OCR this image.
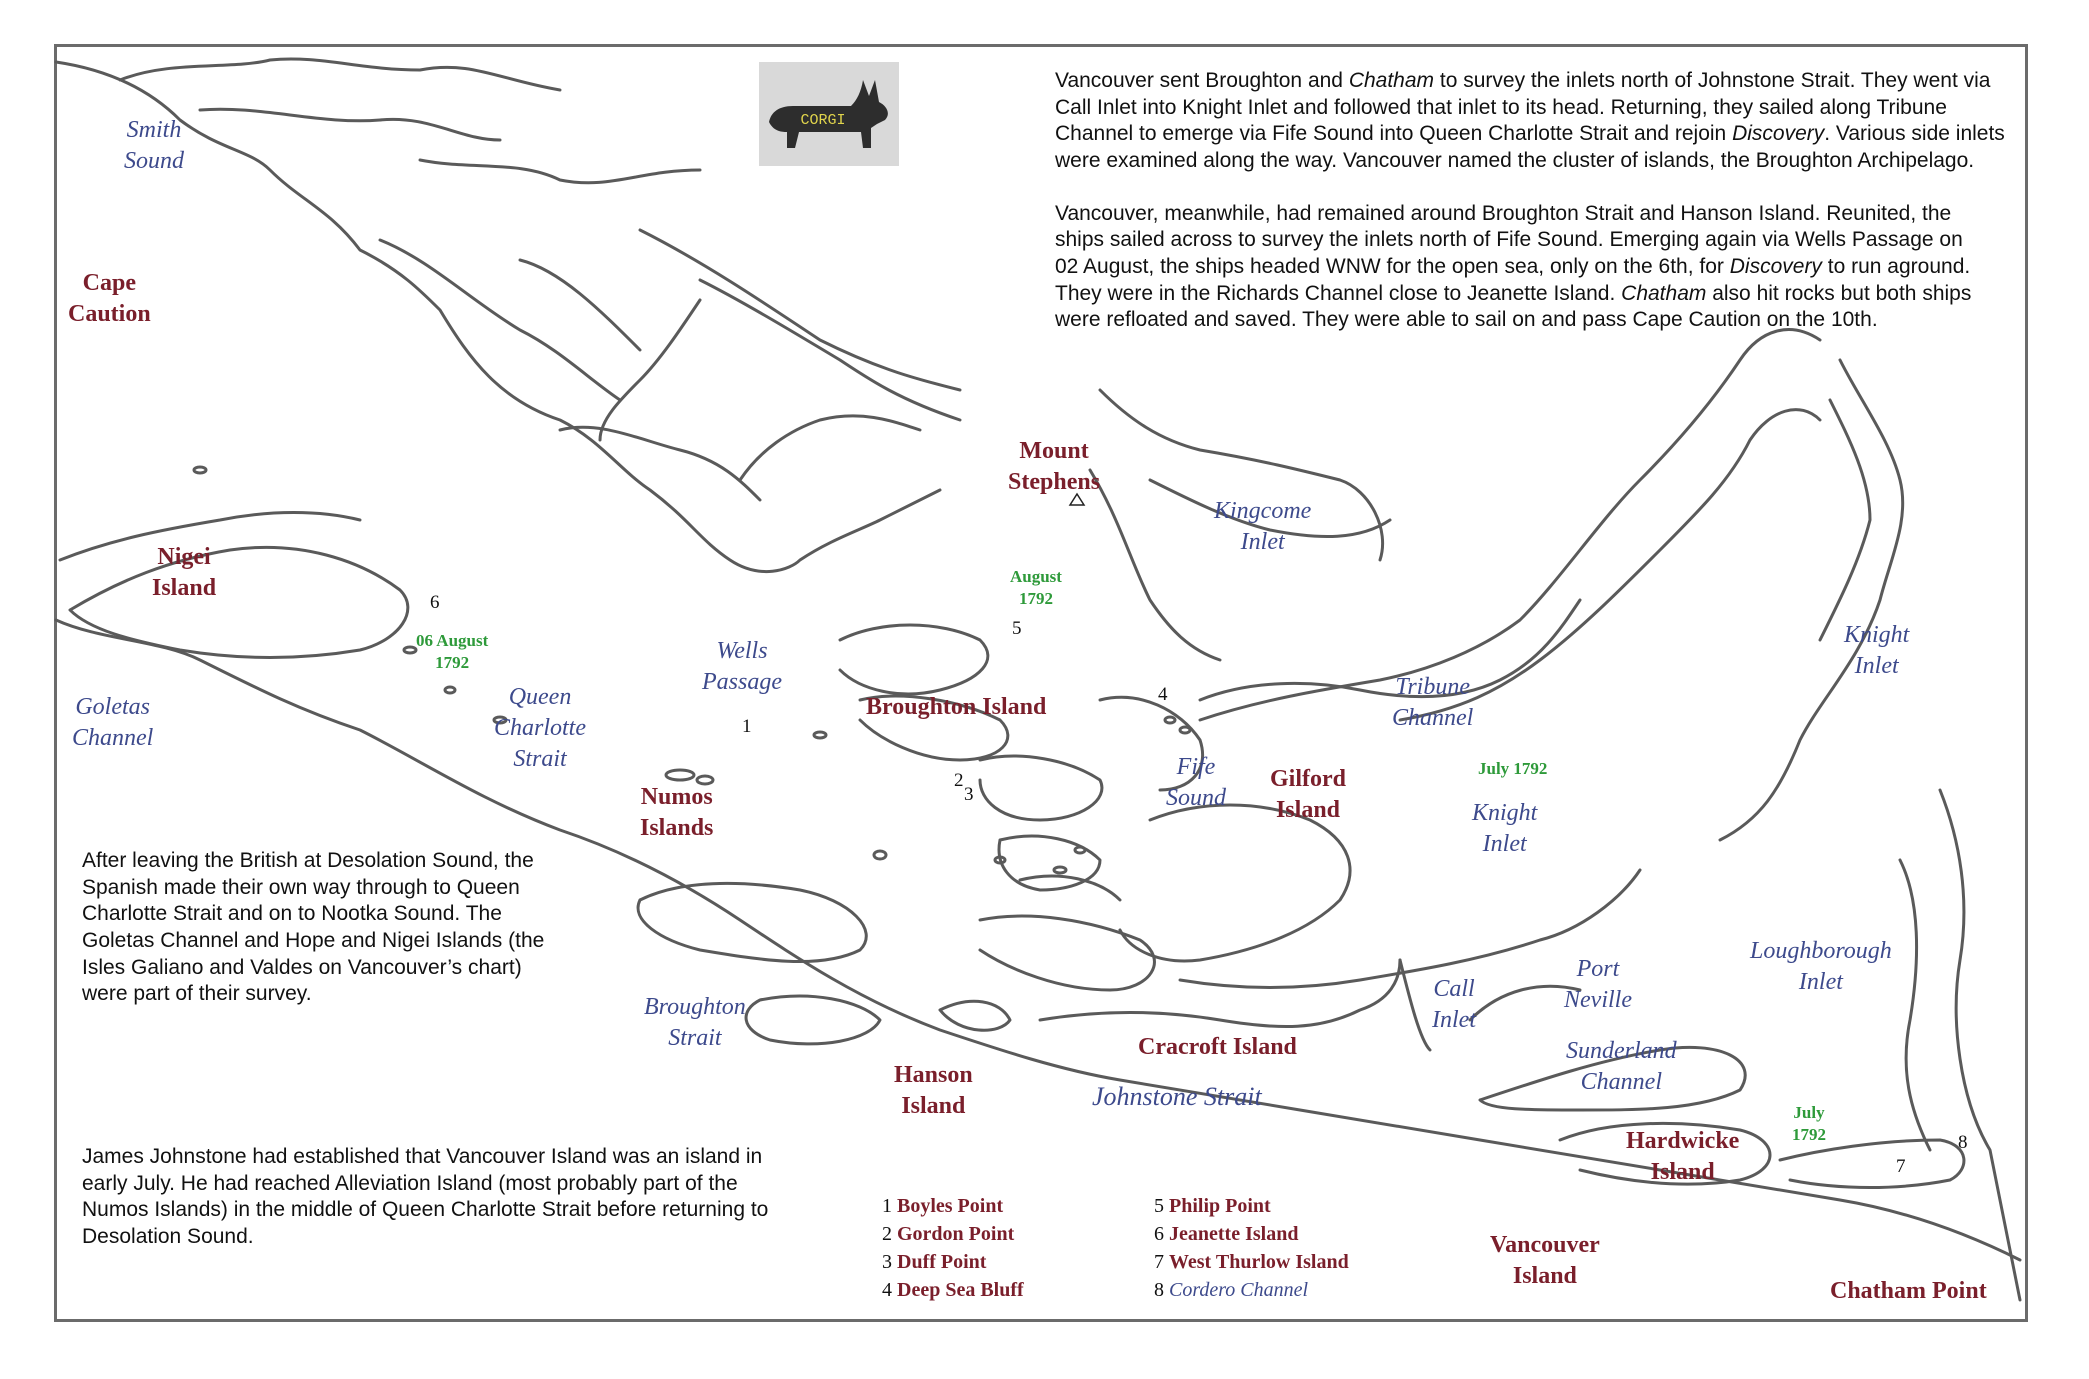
CORGI

Vancouver sent Broughton and Chatham to survey the inlets north of Johnstone Strait. They went via Call Inlet into Knight Inlet and followed that inlet to its head. Returning, they sailed along Tribune Channel to emerge via Fife Sound into Queen Charlotte Strait and rejoin Discovery. Various side inlets were examined along the way. Vancouver named the cluster of islands, the Broughton Archipelago.

Vancouver, meanwhile, had remained around Broughton Strait and Hanson Island. Reunited, the ships sailed across to survey the inlets north of Fife Sound. Emerging again via Wells Passage on 02 August, the ships headed WNW for the open sea, only on the 6th, for Discovery to run aground. They were in the Richards Channel close to Jeanette Island. Chatham also hit rocks but both ships were refloated and saved. They were able to sail on and pass Cape Caution on the 10th.

After leaving the British at Desolation Sound, the Spanish made their own way through to Queen Charlotte Strait and on to Nootka Sound. The Goletas Channel and Hope and Nigei Islands (the Isles Galiano and Valdes on Vancouver’s chart) were part of their survey.
James Johnstone had established that Vancouver Island was an island in early July. He had reached Alleviation Island (most probably part of the Numos Islands) in the middle of Queen Charlotte Strait before returning to Desolation Sound.
Smith
Sound
Cape
Caution
Nigei
Island
Goletas
Channel
Queen
Charlotte
Strait
Numos
Islands
Wells
Passage
Broughton Island
Mount
Stephens
Kingcome
Inlet
Fife
Sound
Gilford
Island
Tribune
Channel
Knight
Inlet
Knight
Inlet
Broughton
Strait
Hanson
Island
Cracroft Island
Call
Inlet
Port
Neville
Loughborough
Inlet
Sunderland
Channel
Johnstone Strait
Hardwicke
Island
Vancouver
Island
Chatham Point
06 August
1792
August
1792
July 1792
July
1792
1
2
3
4
5
6
7
8
1 Boyles Point
2 Gordon Point
3 Duff Point
4 Deep Sea Bluff
5 Philip Point
6 Jeanette Island
7 West Thurlow Island
8 Cordero Channel
